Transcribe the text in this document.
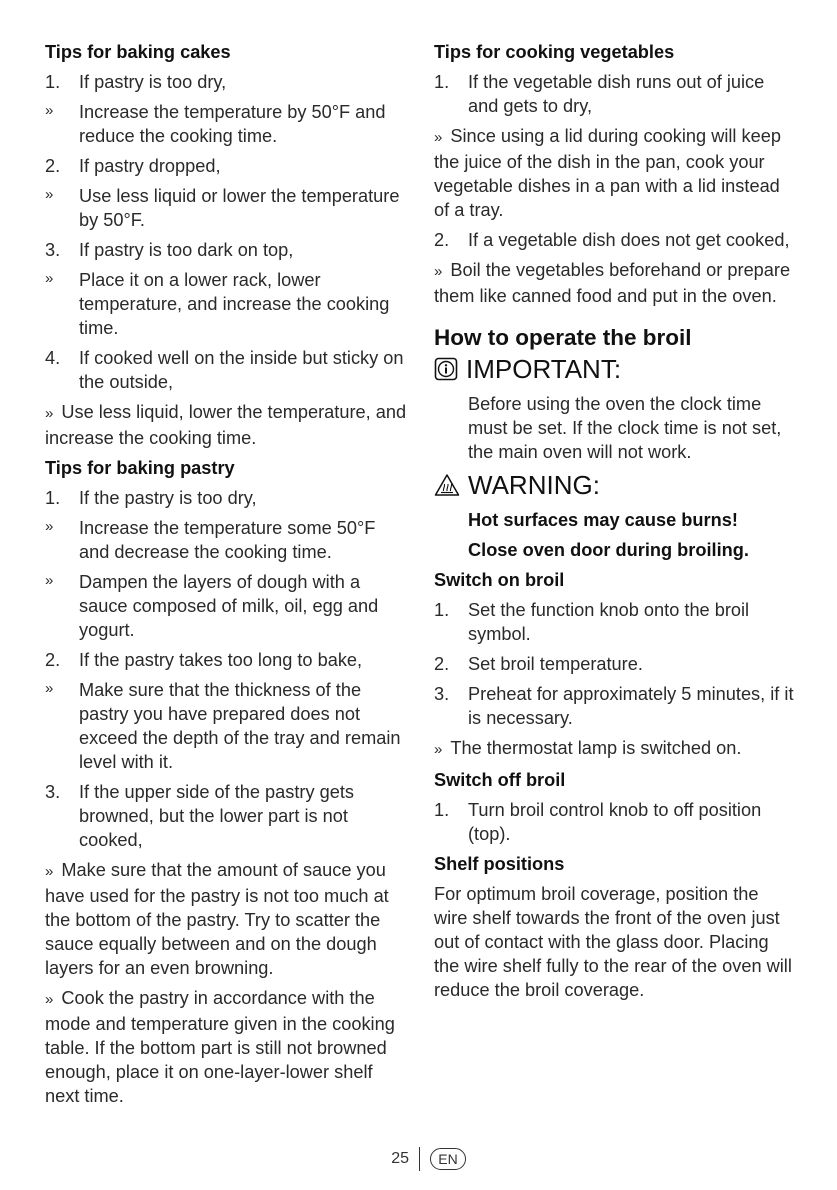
Tips for baking cakes
1. If pastry is too dry,
» Increase the temperature by 50°F and reduce the cooking time.
2. If pastry dropped,
» Use less liquid or lower the temperature by 50°F.
3. If pastry is too dark on top,
» Place it on a lower rack, lower temperature, and increase the cooking time.
4. If cooked well on the inside but sticky on the outside,
» Use less liquid, lower the temperature, and increase the cooking time.
Tips for baking pastry
1. If the pastry is too dry,
» Increase the temperature some 50°F and decrease the cooking time.
» Dampen the layers of dough with a sauce composed of milk, oil, egg and yogurt.
2. If the pastry takes too long to bake,
» Make sure that the thickness of the pastry you have prepared does not exceed the depth of the tray and remain level with it.
3. If the upper side of the pastry gets browned, but the lower part is not cooked,
» Make sure that the amount of sauce you have used for the pastry is not too much at the bottom of the pastry. Try to scatter the sauce equally between and on the dough layers for an even browning.
» Cook the pastry in accordance with the mode and temperature given in the cooking table. If the bottom part is still not browned enough, place it on one-layer-lower shelf next time.
Tips for cooking vegetables
1. If the vegetable dish runs out of juice and gets to dry,
» Since using a lid during cooking will keep the juice of the dish in the pan, cook your vegetable dishes in a pan with a lid instead of a tray.
2. If a vegetable dish does not get cooked,
» Boil the vegetables beforehand or prepare them like canned food and put in the oven.
How to operate the broil
IMPORTANT:
Before using the oven the clock time must be set. If the clock time is not set, the main oven will not work.
WARNING:
Hot surfaces may cause burns!
Close oven door during broiling.
Switch on broil
1. Set the function knob onto the broil symbol.
2. Set broil temperature.
3. Preheat for approximately 5 minutes, if it is necessary.
» The thermostat lamp is switched on.
Switch off broil
1. Turn broil control knob to off position (top).
Shelf positions
For optimum broil coverage, position the wire shelf towards the front of the oven just out of contact with the glass door. Placing the wire shelf fully to the rear of the oven will reduce the broil coverage.
25	EN
